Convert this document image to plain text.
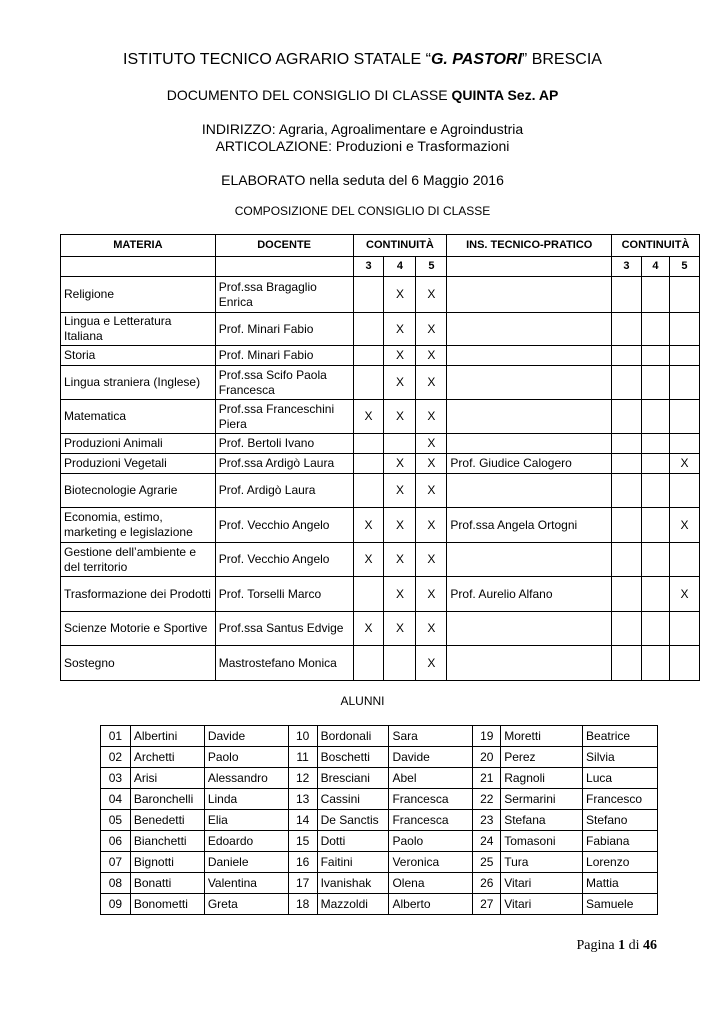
ISTITUTO TECNICO AGRARIO STATALE “G. PASTORI” BRESCIA
DOCUMENTO DEL CONSIGLIO DI CLASSE QUINTA Sez. AP
INDIRIZZO: Agraria, Agroalimentare e Agroindustria
ARTICOLAZIONE: Produzioni e Trasformazioni
ELABORATO nella seduta del 6 Maggio 2016
COMPOSIZIONE DEL CONSIGLIO DI CLASSE
MATERIA	DOCENTE	CONTINUITÀ			INS. TECNICO-PRATICO	CONTINUITÀ		
		3	4	5		3	4	5
Religione	Prof.ssa Bragaglio Enrica		X	X				
Lingua e Letteratura Italiana	Prof. Minari Fabio		X	X				
Storia	Prof. Minari Fabio		X	X				
Lingua straniera (Inglese)	Prof.ssa Scifo Paola Francesca		X	X				
Matematica	Prof.ssa Franceschini Piera	X	X	X				
Produzioni Animali	Prof. Bertoli Ivano			X				
Produzioni Vegetali	Prof.ssa Ardigò Laura		X	X	Prof. Giudice Calogero			X
Biotecnologie Agrarie	Prof. Ardigò Laura		X	X				
Economia, estimo, marketing e legislazione	Prof. Vecchio Angelo	X	X	X	Prof.ssa Angela Ortogni			X
Gestione dell’ambiente e del territorio	Prof. Vecchio Angelo	X	X	X				
Trasformazione dei Prodotti	Prof. Torselli Marco		X	X	Prof. Aurelio Alfano			X
Scienze Motorie e Sportive	Prof.ssa Santus Edvige	X	X	X				
Sostegno	Mastrostefano Monica			X				
ALUNNI
01	Albertini	Davide	10	Bordonali	Sara	19	Moretti	Beatrice
02	Archetti	Paolo	11	Boschetti	Davide	20	Perez	Silvia
03	Arisi	Alessandro	12	Bresciani	Abel	21	Ragnoli	Luca
04	Baronchelli	Linda	13	Cassini	Francesca	22	Sermarini	Francesco
05	Benedetti	Elia	14	De Sanctis	Francesca	23	Stefana	Stefano
06	Bianchetti	Edoardo	15	Dotti	Paolo	24	Tomasoni	Fabiana
07	Bignotti	Daniele	16	Faitini	Veronica	25	Tura	Lorenzo
08	Bonatti	Valentina	17	Ivanishak	Olena	26	Vitari	Mattia
09	Bonometti	Greta	18	Mazzoldi	Alberto	27	Vitari	Samuele
Pagina 1 di 46
